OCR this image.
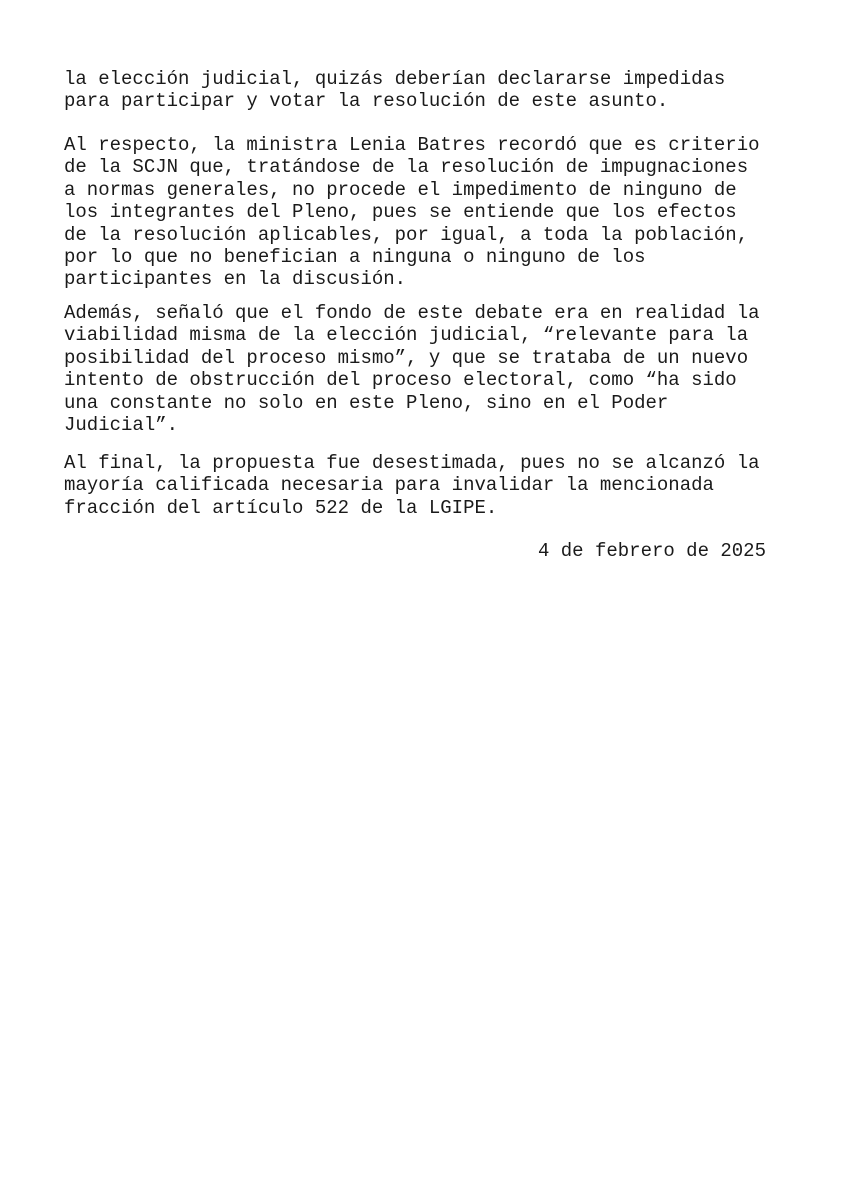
la elección judicial, quizás deberían declararse impedidas
para participar y votar la resolución de este asunto.
Al respecto, la ministra Lenia Batres recordó que es criterio
de la SCJN que, tratándose de la resolución de impugnaciones
a normas generales, no procede el impedimento de ninguno de
los integrantes del Pleno, pues se entiende que los efectos
de la resolución aplicables, por igual, a toda la población,
por lo que no benefician a ninguna o ninguno de los
participantes en la discusión.
Además, señaló que el fondo de este debate era en realidad la
viabilidad misma de la elección judicial, “relevante para la
posibilidad del proceso mismo”, y que se trataba de un nuevo
intento de obstrucción del proceso electoral, como “ha sido
una constante no solo en este Pleno, sino en el Poder
Judicial”.
Al final, la propuesta fue desestimada, pues no se alcanzó la
mayoría calificada necesaria para invalidar la mencionada
fracción del artículo 522 de la LGIPE.
4 de febrero de 2025
